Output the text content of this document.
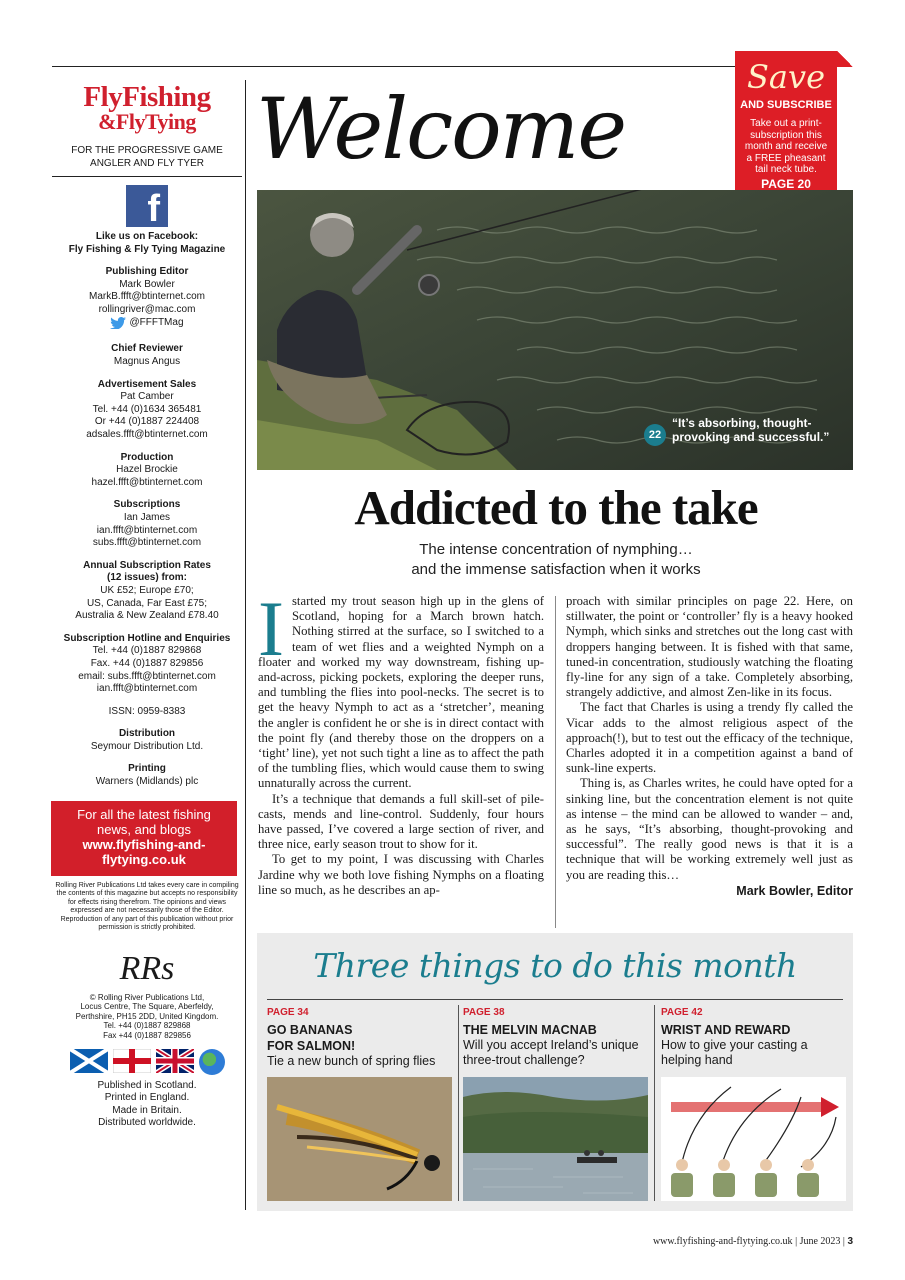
FlyFishing
&FlyTying
FOR THE PROGRESSIVE GAME ANGLER AND FLY TYER
f
Like us on Facebook:
Fly Fishing & Fly Tying Magazine
Publishing Editor
Mark Bowler
MarkB.ffft@btinternet.com
rollingriver@mac.com
@FFFTMag
Chief Reviewer
Magnus Angus
Advertisement Sales
Pat Camber
Tel. +44 (0)1634 365481
Or +44 (0)1887 224408
adsales.ffft@btinternet.com
Production
Hazel Brockie
hazel.ffft@btinternet.com
Subscriptions
Ian James
ian.ffft@btinternet.com
subs.ffft@btinternet.com
Annual Subscription Rates
(12 issues) from:
UK £52; Europe £70;
US, Canada, Far East £75;
Australia & New Zealand £78.40
Subscription Hotline and Enquiries
Tel. +44 (0)1887 829868
Fax. +44 (0)1887 829856
email: subs.ffft@btinternet.com
ian.ffft@btinternet.com
ISSN: 0959-8383
Distribution
Seymour Distribution Ltd.
Printing
Warners (Midlands) plc
For all the latest fishing news, and blogs
www.flyfishing-and-
flytying.co.uk
Rolling River Publications Ltd takes every care in compiling the contents of this magazine but accepts no responsibility for effects rising therefrom. The opinions and views expressed are not necessarily those of the Editor. Reproduction of any part of this publication without prior permission is strictly prohibited.
RRs
© Rolling River Publications Ltd,
Locus Centre, The Square, Aberfeldy,
Perthshire, PH15 2DD, United Kingdom.
Tel. +44 (0)1887 829868
Fax +44 (0)1887 829856
Published in Scotland.
Printed in England.
Made in Britain.
Distributed worldwide.
Welcome
Save
AND SUBSCRIBE
Take out a print-subscription this month and receive a FREE pheasant tail neck tube.
PAGE 20
22
“It’s absorbing, thought-provoking and successful.”
Addicted to the take
The intense concentration of nymphing…
and the immense satisfaction when it works
I started my trout season high up in the glens of Scotland, hoping for a March brown hatch. Nothing stirred at the surface, so I switched to a team of wet flies and a weighted Nymph on a floater and worked my way downstream, fishing up-and-across, picking pockets, exploring the deeper runs, and tumbling the flies into pool-necks. The secret is to get the heavy Nymph to act as a ‘stretcher’, meaning the angler is confident he or she is in direct contact with the point fly (and thereby those on the droppers on a ‘tight’ line), yet not such tight a line as to affect the path of the tumbling flies, which would cause them to swing unnaturally across the current.

It’s a technique that demands a full skill-set of pile-casts, mends and line-control. Suddenly, four hours have passed, I’ve covered a large section of river, and three nice, early season trout to show for it.

To get to my point, I was discussing with Charles Jardine why we both love fishing Nymphs on a floating line so much, as he describes an ap-

proach with similar principles on page 22. Here, on stillwater, the point or ‘controller’ fly is a heavy hooked Nymph, which sinks and stretches out the long cast with droppers hanging between. It is fished with that same, tuned-in concentration, studiously watching the floating fly-line for any sign of a take. Completely absorbing, strangely addictive, and almost Zen-like in its focus.

The fact that Charles is using a trendy fly called the Vicar adds to the almost religious aspect of the approach(!), but to test out the efficacy of the technique, Charles adopted it in a competition against a band of sunk-line experts.

Thing is, as Charles writes, he could have opted for a sinking line, but the concentration element is not quite as intense – the mind can be allowed to wander – and, as he says, “It’s absorbing, thought-provoking and successful”. The really good news is that it is a technique that will be working extremely well just as you are reading this…

Mark Bowler, Editor
Three things to do this month
PAGE 34
GO BANANAS
FOR SALMON!
Tie a new bunch of spring flies
PAGE 38
THE MELVIN MACNAB
Will you accept Ireland’s unique three-trout challenge?
PAGE 42
WRIST AND REWARD
How to give your casting a helping hand
www.flyfishing-and-flytying.co.uk | June 2023 | 3
